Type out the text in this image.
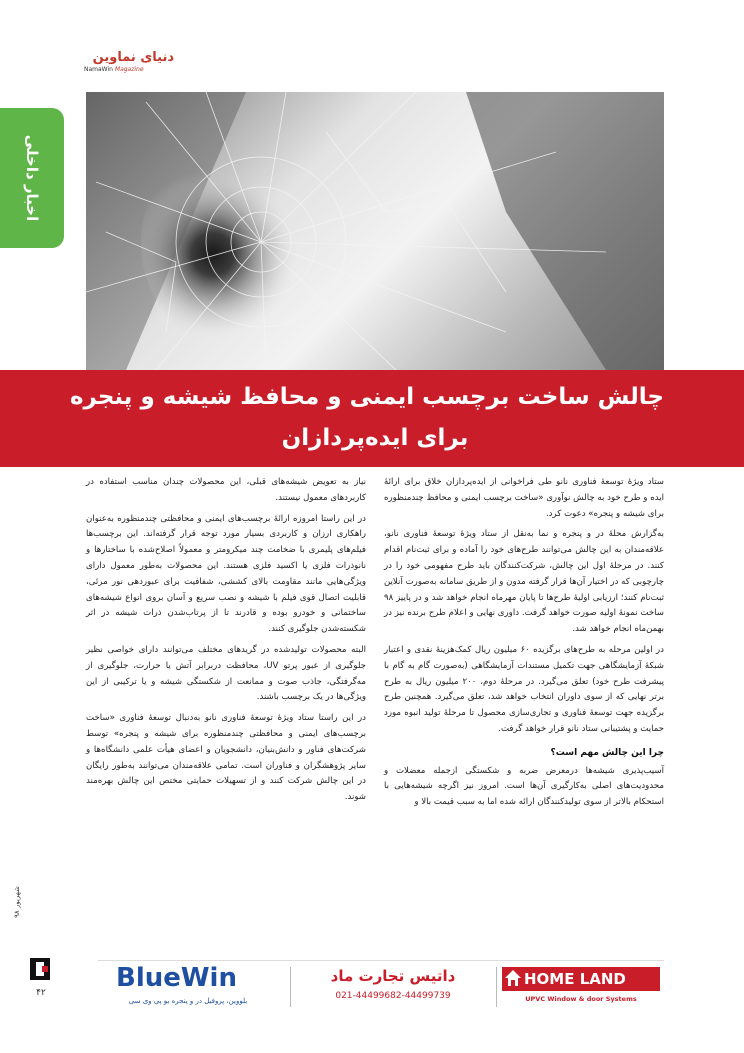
دنیای نماوین
NamaWin Magazine
اخبار داخلی
چالش ساخت برچسب ایمنی و محافظ شیشه و پنجره
برای ایده‌پردازان

ستاد ویژهٔ توسعهٔ فناوری نانو طی فراخوانی از ایده‌پردازان خلاق برای ارائهٔ ایده و طرح خود به چالش نوآوری «ساخت برچسب ایمنی و محافظ چندمنظوره برای شیشه و پنجره» دعوت کرد.

به‌گزارش محلهٔ در و پنجره و نما به‌نقل از ستاد ویژهٔ توسعهٔ فناوری نانو، علاقه‌مندان به این چالش می‌توانند طرح‌های خود را آماده و برای ثبت‌نام اقدام کنند. در مرحلهٔ اول این چالش، شرکت‌کنندگان باید طرح مفهومی خود را در چارچوبی که در اختیار آن‌ها قرار گرفته مدون و از طریق سامانه به‌صورت آنلاین ثبت‌نام کنند؛ ارزیابی اولیهٔ طرح‌ها تا پایان مهرماه انجام خواهد شد و در پاییز ۹۸ ساخت نمونهٔ اولیه صورت خواهد گرفت. داوری نهایی و اعلام طرح برنده نیز در بهمن‌ماه انجام خواهد شد.

در اولین مرحله به طرح‌های برگزیده ۶۰ میلیون ریال کمک‌هزینهٔ نقدی و اعتبار شبکهٔ آزمایشگاهی جهت تکمیل مستندات آزمایشگاهی (به‌صورت گام به گام با پیشرفت طرح خود) تعلق می‌گیرد. در مرحلهٔ دوم، ۲۰۰ میلیون ریال به طرح برتر نهایی که از سوی داوران انتخاب خواهد شد، تعلق می‌گیرد. همچنین طرح برگزیده جهت توسعهٔ فناوری و تجاری‌سازی محصول تا مرحلهٔ تولید انبوه مورد حمایت و پشتیبانی ستاد نانو قرار خواهد گرفت.

چرا این چالش مهم است؟

آسیب‌پذیری شیشه‌ها درمعرض ضربه و شکستگی ازجمله معضلات و محدودیت‌های اصلی به‌کارگیری آن‌ها است. امروز نیز اگرچه شیشه‌هایی با استحکام بالاتر از سوی تولیدکنندگان ارائه شده اما به سبب قیمت بالا و

نیاز به تعویض شیشه‌های قبلی، این محصولات چندان مناسب استفاده در کاربردهای معمول نیستند.

در این راستا امروزه ارائهٔ برچسب‌های ایمنی و محافظتی چندمنظوره به‌عنوان راهکاری ارزان و کاربردی بسیار مورد توجه قرار گرفته‌اند. این برچسب‌ها فیلم‌های پلیمری با ضخامت چند میکرومتر و معمولاً اصلاح‌شده با ساختارها و نانوذرات فلزی یا اکسید فلزی هستند. این محصولات به‌طور معمول دارای ویژگی‌هایی مانند مقاومت بالای کششی، شفافیت برای عبوردهی نور مرئی، قابلیت اتصال قوی فیلم با شیشه و نصب سریع و آسان بروی انواع شیشه‌های ساختمانی و خودرو بوده و قادرند تا از پرتاب‌شدن ذرات شیشه در اثر شکسته‌شدن جلوگیری کنند.

البته محصولات تولیدشده در گریدهای مختلف می‌توانند دارای خواصی نظیر جلوگیری از عبور پرتو UV، محافظت دربرابر آتش یا حرارت، جلوگیری از مه‌گرفتگی، جاذب صوت و ممانعت از شکستگی شیشه و یا ترکیبی از این ویژگی‌ها در یک برچسب باشند.

در این راستا ستاد ویژهٔ توسعهٔ فناوری نانو به‌دنبال توسعهٔ فناوری «ساخت برچسب‌های ایمنی و محافظتی چندمنظوره برای شیشه و پنجره» توسط شرکت‌های فناور و دانش‌بنیان، دانشجویان و اعضای هیأت علمی دانشگاه‌ها و سایر پژوهشگران و فناوران است. تمامی علاقه‌مندان می‌توانند به‌طور رایگان در این چالش شرکت کنند و از تسهیلات حمایتی مختص این چالش بهره‌مند شوند.

شهریور ۹۸
۴۲	BlueWin
بلووین، پروفیل در و پنجره یو پی وی سی
داتیس تجارت ماد
021-44499682-44499739
HOME LAND
UPVC Window & door Systems
